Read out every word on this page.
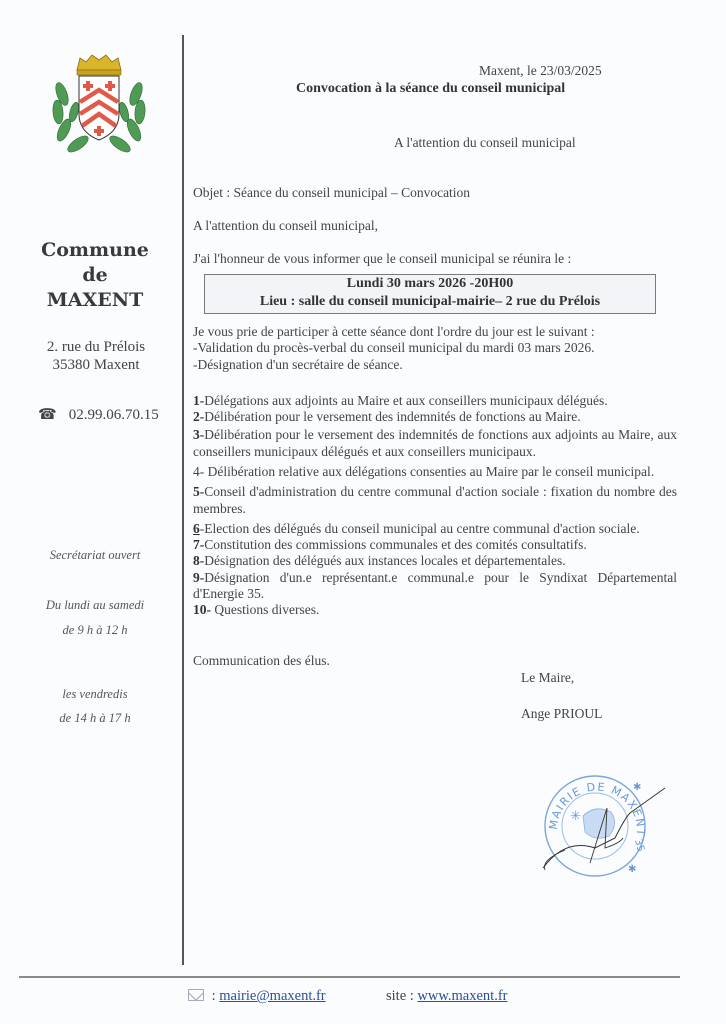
Commune
de
MAXENT
2. rue du Prélois
35380 Maxent
☎ 02.99.06.70.15
Secrétariat ouvert
Du lundi au samedi
de 9 h à 12 h
les vendredis
de 14 h à 17 h
Maxent, le 23/03/2025
Convocation à la séance du conseil municipal
A l'attention du conseil municipal
Objet : Séance du conseil municipal – Convocation
A l'attention du conseil municipal,
J'ai l'honneur de vous informer que le conseil municipal se réunira le :
Lundi 30 mars 2026 -20H00
Lieu : salle du conseil municipal-mairie– 2 rue du Prélois
Je vous prie de participer à cette séance dont l'ordre du jour est le suivant :
-Validation du procès-verbal du conseil municipal du mardi 03 mars 2026.
-Désignation d'un secrétaire de séance.

1-Délégations aux adjoints au Maire et aux conseillers municipaux délégués.

2-Délibération pour le versement des indemnités de fonctions au Maire.

3-Délibération pour le versement des indemnités de fonctions aux adjoints au Maire, aux conseillers municipaux délégués et aux conseillers municipaux.

4- Délibération relative aux délégations consenties au Maire par le conseil municipal.

5-Conseil d'administration du centre communal d'action sociale : fixation du nombre des membres.

6-Election des délégués du conseil municipal au centre communal d'action sociale.

7-Constitution des commissions communales et des comités consultatifs.

8-Désignation des délégués aux instances locales et départementales.

9-Désignation d'un.e représentant.e communal.e pour le Syndixat Départemental d'Energie 35.

10- Questions diverses.

Communication des élus.
Le Maire,
Ange PRIOUL
MAIRIE DE MAXENT
35
✱
✱
✳
: mairie@maxent.fr	site : www.maxent.fr
